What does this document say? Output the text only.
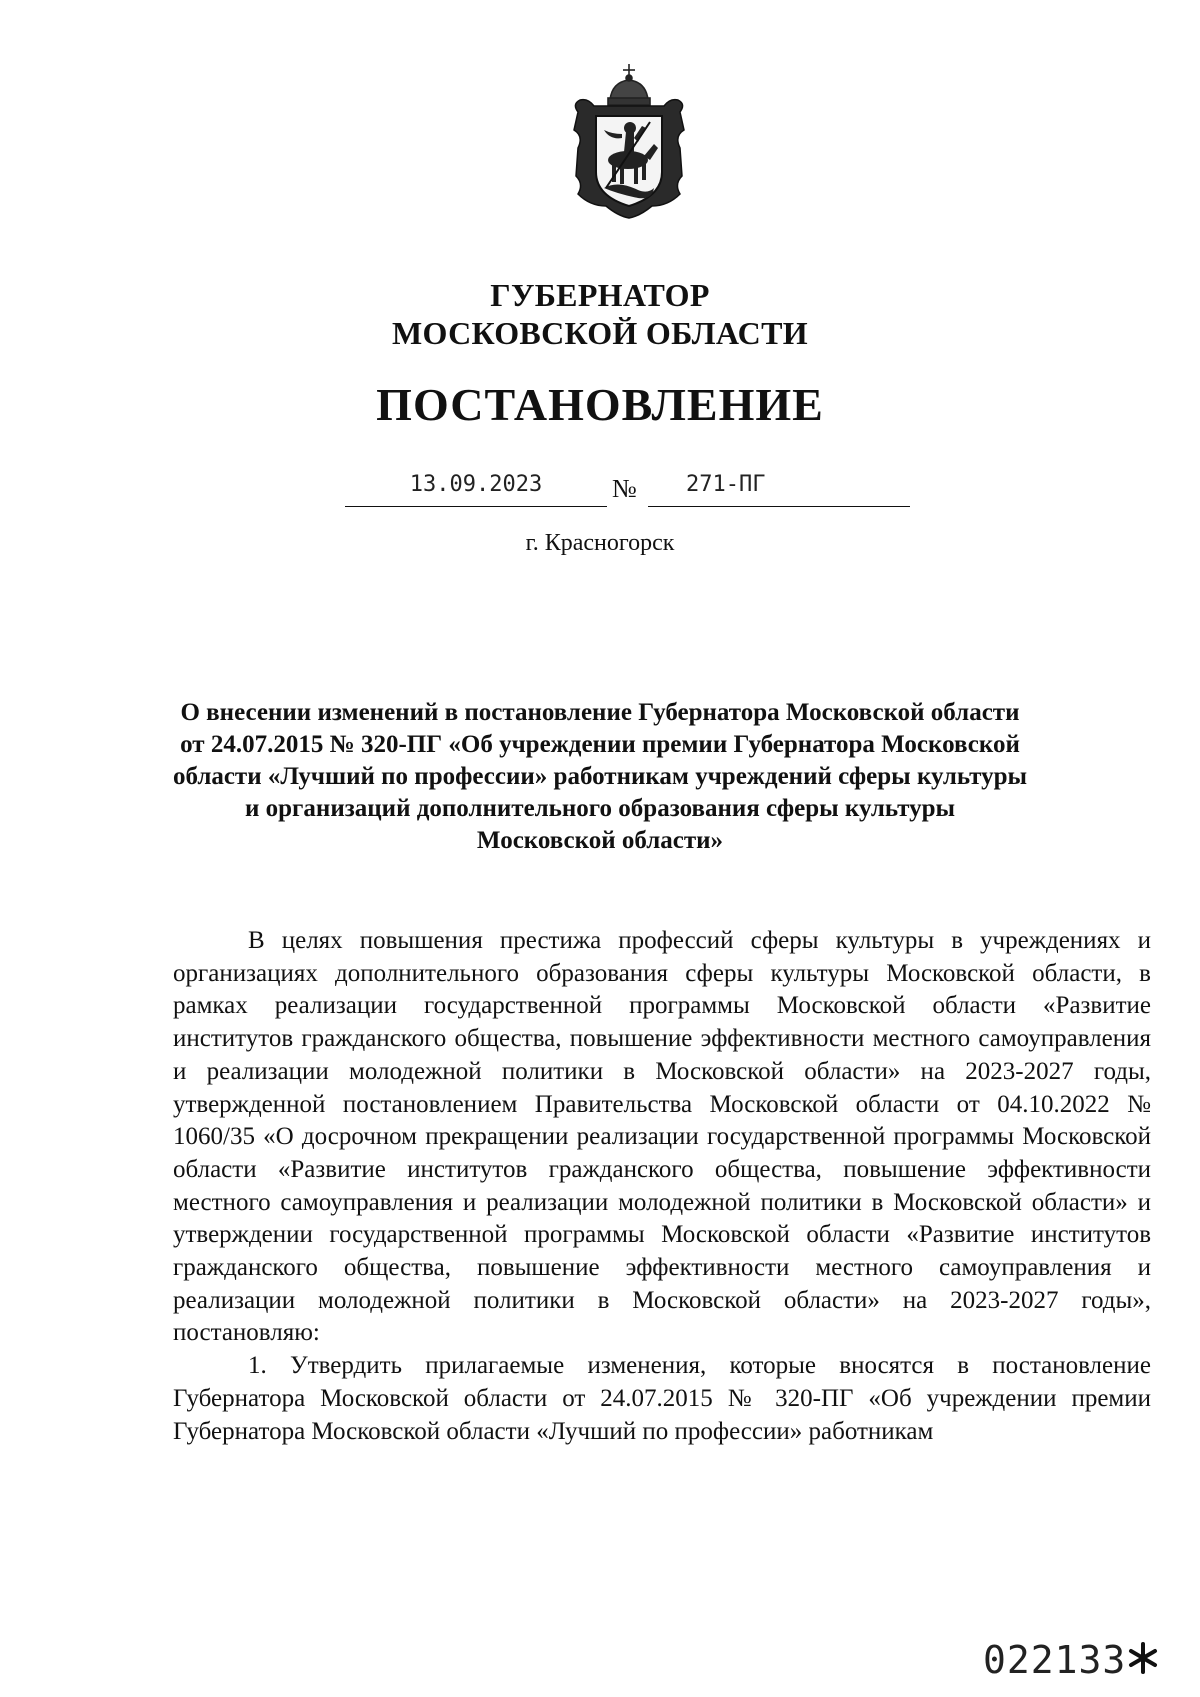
ГУБЕРНАТОР
МОСКОВСКОЙ ОБЛАСТИ
ПОСТАНОВЛЕНИЕ
13.09.2023	№	271-ПГ
г. Красногорск
О внесении изменений в постановление Губернатора Московской области
от 24.07.2015 № 320-ПГ «Об учреждении премии Губернатора Московской
области «Лучший по профессии» работникам учреждений сферы культуры
и организаций дополнительного образования сферы культуры
Московской области»

В целях повышения престижа профессий сферы культуры в учреждениях и организациях дополнительного образования сферы культуры Московской области, в рамках реализации государственной программы Московской области «Развитие институтов гражданского общества, повышение эффективности местного самоуправления и реализации молодежной политики в Московской области» на 2023-2027 годы, утвержденной постановлением Правительства Московской области от 04.10.2022 № 1060/35 «О досрочном прекращении реализации государственной программы Московской области «Развитие институтов гражданского общества, повышение эффективности местного самоуправления и реализации молодежной политики в Московской области» и утверждении государственной программы Московской области «Развитие институтов гражданского общества, повышение эффективности местного самоуправления и реализации молодежной политики в Московской области» на 2023-2027 годы», постановляю:

1. Утвердить прилагаемые изменения, которые вносятся в постановление Губернатора Московской области от 24.07.2015 № 320-ПГ «Об учреждении премии Губернатора Московской области «Лучший по профессии» работникам

022133
